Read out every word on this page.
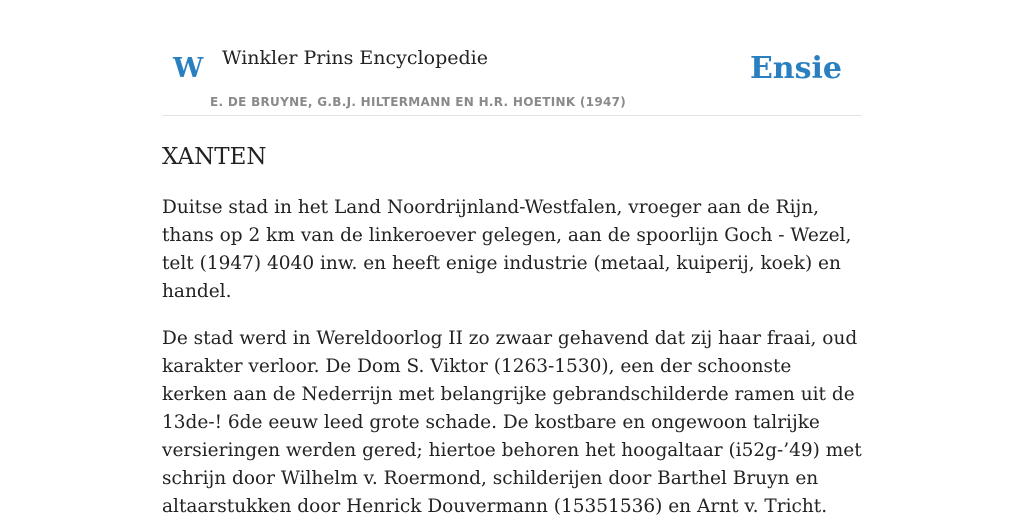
W Winkler Prins Encyclopedie	Ensie
E. DE BRUYNE, G.B.J. HILTERMANN EN H.R. HOETINK (1947)
XANTEN

Duitse stad in het Land Noordrijnland-Westfalen, vroeger aan de Rijn, thans op 2 km van de linkeroever gelegen, aan de spoorlijn Goch - Wezel, telt (1947) 4040 inw. en heeft enige industrie (metaal, kuiperij, koek) en handel.

De stad werd in Wereldoorlog II zo zwaar gehavend dat zij haar fraai, oud karakter verloor. De Dom S. Viktor (1263-1530), een der schoonste kerken aan de Nederrijn met belangrijke gebrandschilderde ramen uit de 13de-! 6de eeuw leed grote schade. De kostbare en ongewoon talrijke versieringen werden gered; hiertoe behoren het hoogaltaar (i52g-’49) met schrijn door Wilhelm v. Roermond, schilderijen door Barthel Bruyn en altaarstukken door Henrick Douvermann (15351536) en Arnt v. Tricht.
